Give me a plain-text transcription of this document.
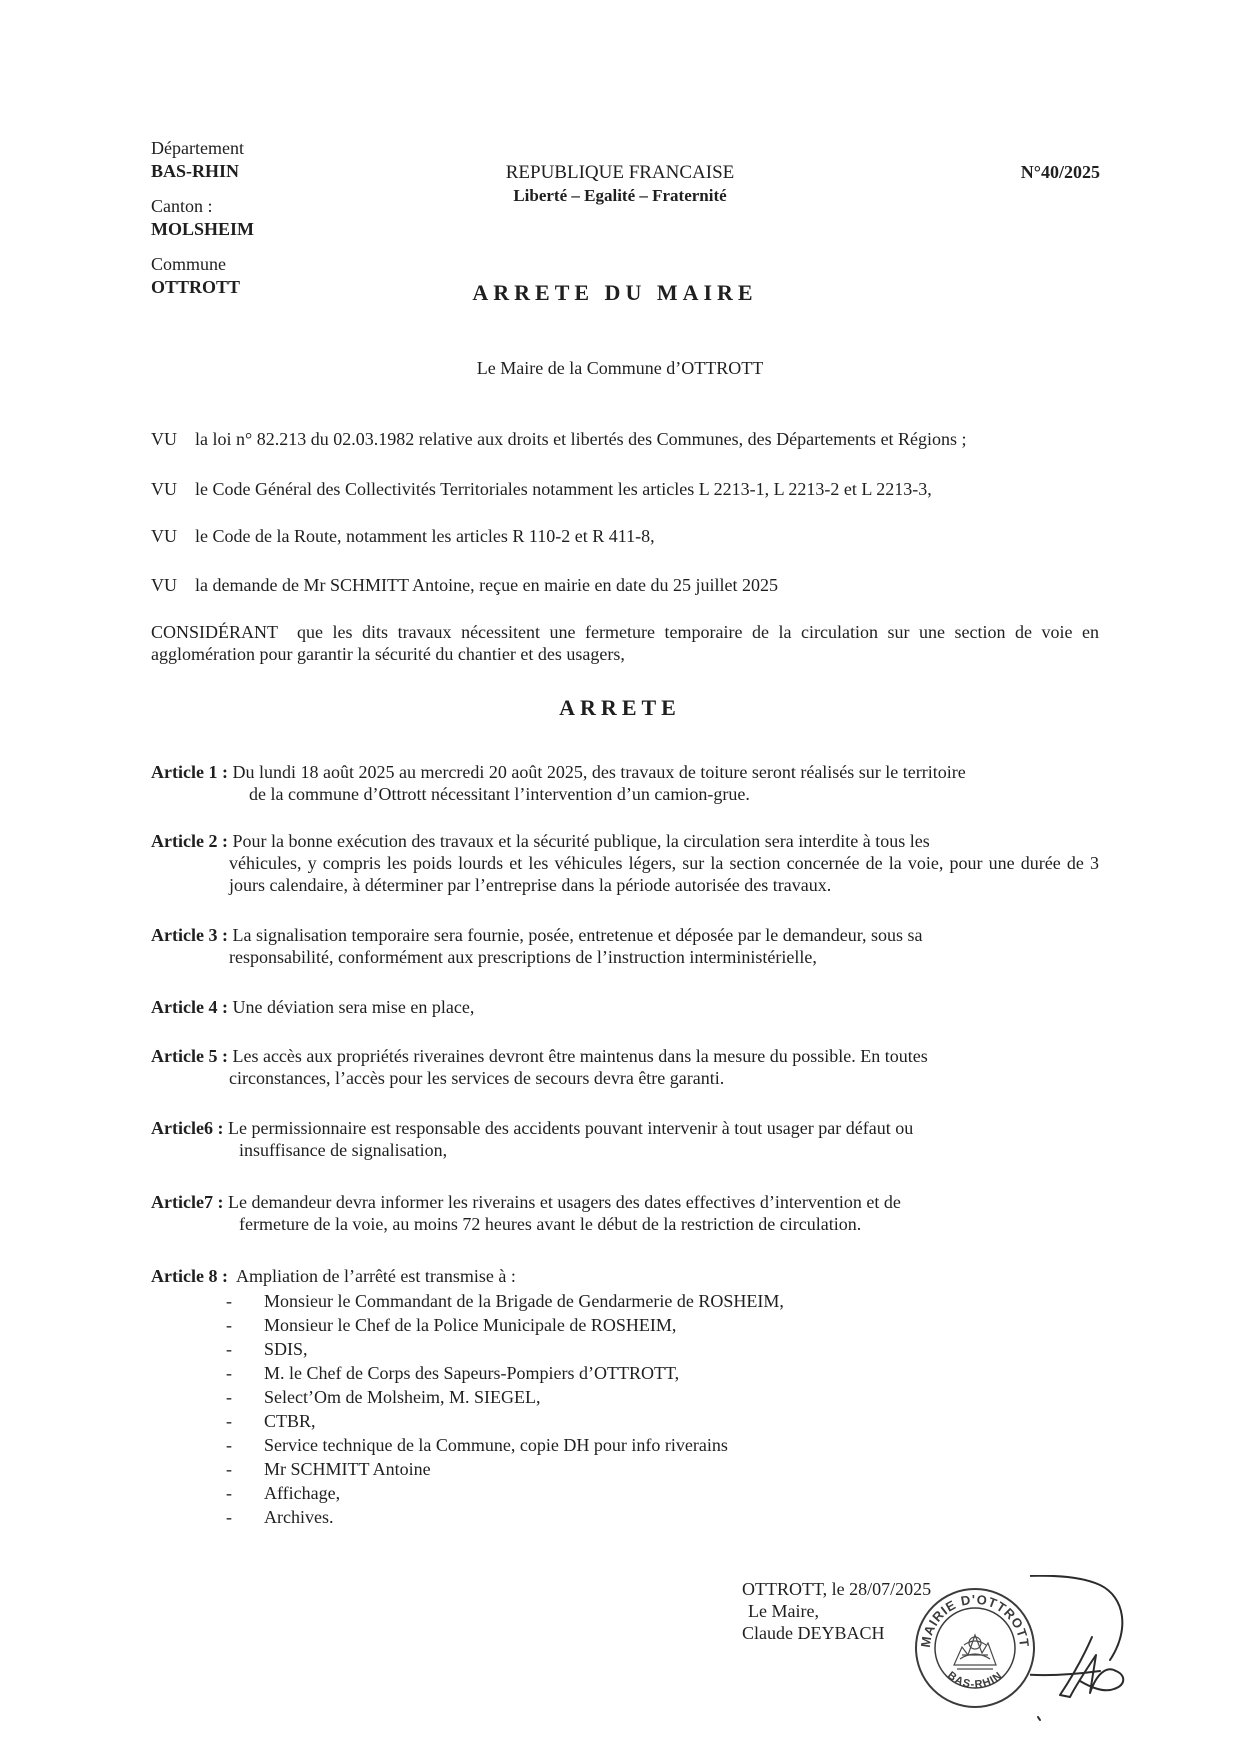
Département
BAS-RHIN
Canton :
MOLSHEIM
Commune
OTTROTT
REPUBLIQUE FRANCAISE
Liberté – Egalité – Fraternité
N°40/2025
ARRETE DU MAIRE
Le Maire de la Commune d’OTTROTT
VU la loi n° 82.213 du 02.03.1982 relative aux droits et libertés des Communes, des Départements et Régions ;
VU le Code Général des Collectivités Territoriales notamment les articles L 2213-1, L 2213-2 et L 2213-3,
VU le Code de la Route, notamment les articles R 110-2 et R 411-8,
VU la demande de Mr SCHMITT Antoine, reçue en mairie en date du 25 juillet 2025
CONSIDÉRANT que les dits travaux nécessitent une fermeture temporaire de la circulation sur une section de voie en agglomération pour garantir la sécurité du chantier et des usagers,
ARRETE
Article 1 : Du lundi 18 août 2025 au mercredi 20 août 2025, des travaux de toiture seront réalisés sur le territoire
de la commune d’Ottrott nécessitant l’intervention d’un camion-grue.
Article 2 : Pour la bonne exécution des travaux et la sécurité publique, la circulation sera interdite à tous les
véhicules, y compris les poids lourds et les véhicules légers, sur la section concernée de la voie, pour une durée de 3 jours calendaire, à déterminer par l’entreprise dans la période autorisée des travaux.
Article 3 : La signalisation temporaire sera fournie, posée, entretenue et déposée par le demandeur, sous sa
responsabilité, conformément aux prescriptions de l’instruction interministérielle,
Article 4 : Une déviation sera mise en place,
Article 5 : Les accès aux propriétés riveraines devront être maintenus dans la mesure du possible. En toutes
circonstances, l’accès pour les services de secours devra être garanti.
Article6 : Le permissionnaire est responsable des accidents pouvant intervenir à tout usager par défaut ou
insuffisance de signalisation,
Article7 : Le demandeur devra informer les riverains et usagers des dates effectives d’intervention et de
fermeture de la voie, au moins 72 heures avant le début de la restriction de circulation.
Article 8 : Ampliation de l’arrêté est transmise à :
- Monsieur le Commandant de la Brigade de Gendarmerie de ROSHEIM,
- Monsieur le Chef de la Police Municipale de ROSHEIM,
- SDIS,
- M. le Chef de Corps des Sapeurs-Pompiers d’OTTROTT,
- Select’Om de Molsheim, M. SIEGEL,
- CTBR,
- Service technique de la Commune, copie DH pour info riverains
- Mr SCHMITT Antoine
- Affichage,
- Archives.
OTTROTT, le 28/07/2025
Le Maire,
Claude DEYBACH	MAIRIE D'OTTROTT
BAS-RHIN
